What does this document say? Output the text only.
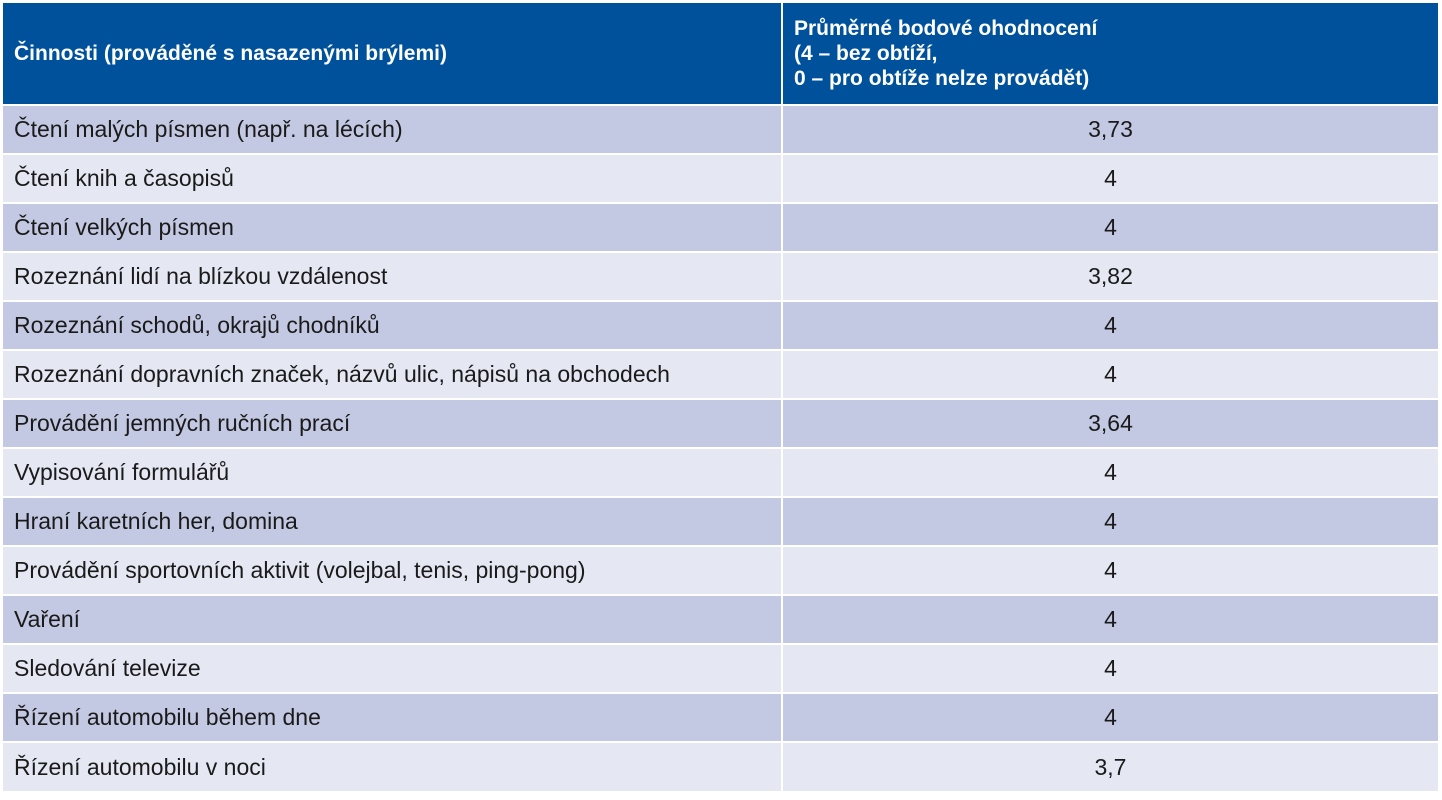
Činnosti (prováděné s nasazenými brýlemi)	Průměrné bodové ohodnocení
(4 – bez obtíží,
0 – pro obtíže nelze provádět)

Čtení malých písmen (např. na lécích)	3,73
Čtení knih a časopisů	4
Čtení velkých písmen	4
Rozeznání lidí na blízkou vzdálenost	3,82
Rozeznání schodů, okrajů chodníků	4
Rozeznání dopravních značek, názvů ulic, nápisů na obchodech	4
Provádění jemných ručních prací	3,64
Vypisování formulářů	4
Hraní karetních her, domina	4
Provádění sportovních aktivit (volejbal, tenis, ping-pong)	4
Vaření	4
Sledování televize	4
Řízení automobilu během dne	4
Řízení automobilu v noci	3,7
